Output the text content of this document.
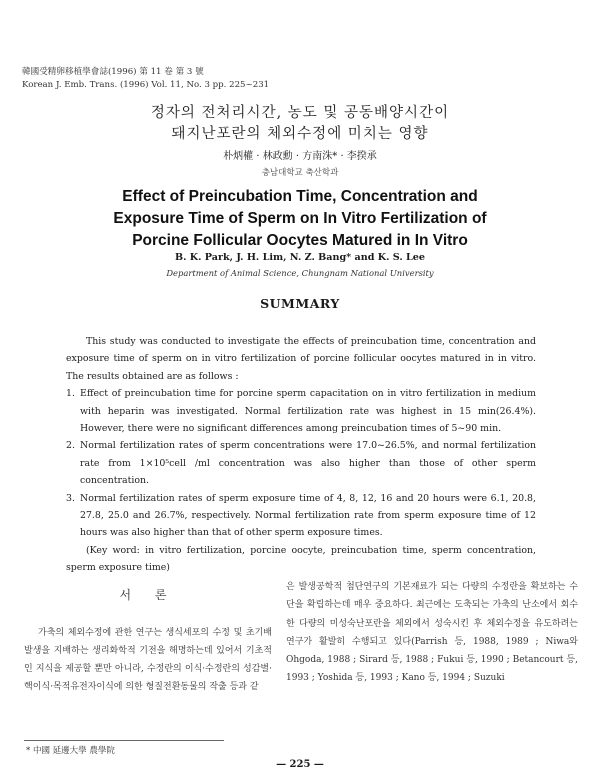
韓國受精卵移植學會誌(1996) 第 11 卷 第 3 號
Korean J. Emb. Trans. (1996) Vol. 11, No. 3 pp. 225~231
정자의 전처리시간, 농도 및 공동배양시간이
돼지난포란의 체외수정에 미치는 영향
朴炳權 · 林政勳 · 方南洙* · 李揆承
충남대학교 축산학과
Effect of Preincubation Time, Concentration and
Exposure Time of Sperm on In Vitro Fertilization of
Porcine Follicular Oocytes Matured in In Vitro
B. K. Park, J. H. Lim, N. Z. Bang* and K. S. Lee
Department of Animal Science, Chungnam National University
SUMMARY

This study was conducted to investigate the effects of preincubation time, concentration and exposure time of sperm on in vitro fertilization of porcine follicular oocytes matured in in vitro. The results obtained are as follows :

1. Effect of preincubation time for porcine sperm capacitation on in vitro fertilization in medium with heparin was investigated. Normal fertilization rate was highest in 15 min(26.4%). However, there were no significant differences among preincubation times of 5~90 min.
2. Normal fertilization rates of sperm concentrations were 17.0~26.5%, and normal fertilization rate from 1×10⁵cell /ml concentration was also higher than those of other sperm concentration.
3. Normal fertilization rates of sperm exposure time of 4, 8, 12, 16 and 20 hours were 6.1, 20.8, 27.8, 25.0 and 26.7%, respectively. Normal fertilization rate from sperm exposure time of 12 hours was also higher than that of other sperm exposure times.

(Key word: in vitro fertilization, porcine oocyte, preincubation time, sperm concentration, sperm exposure time)

서 론

가축의 체외수정에 관한 연구는 생식세포의 수정 및 초기배발생을 지배하는 생리화학적 기전을 해명하는데 있어서 기초적인 지식을 제공할 뿐만 아니라, 수정란의 이식·수정란의 성감별·핵이식·목적유전자이식에 의한 형질전환동물의 작출 등과 같

은 발생공학적 첨단연구의 기본재료가 되는 다량의 수정란을 확보하는 수단을 확립하는데 매우 중요하다. 최근에는 도축되는 가축의 난소에서 회수한 다량의 미성숙난포란을 체외에서 성숙시킨 후 체외수정을 유도하려는 연구가 활발히 수행되고 있다(Parrish 등, 1988, 1989 ; Niwa와 Ohgoda, 1988 ; Sirard 등, 1988 ; Fukui 등, 1990 ; Betancourt 등, 1993 ; Yoshida 등, 1993 ; Kano 등, 1994 ; Suzuki

* 中國 延邊大學 農學院
— 225 —
